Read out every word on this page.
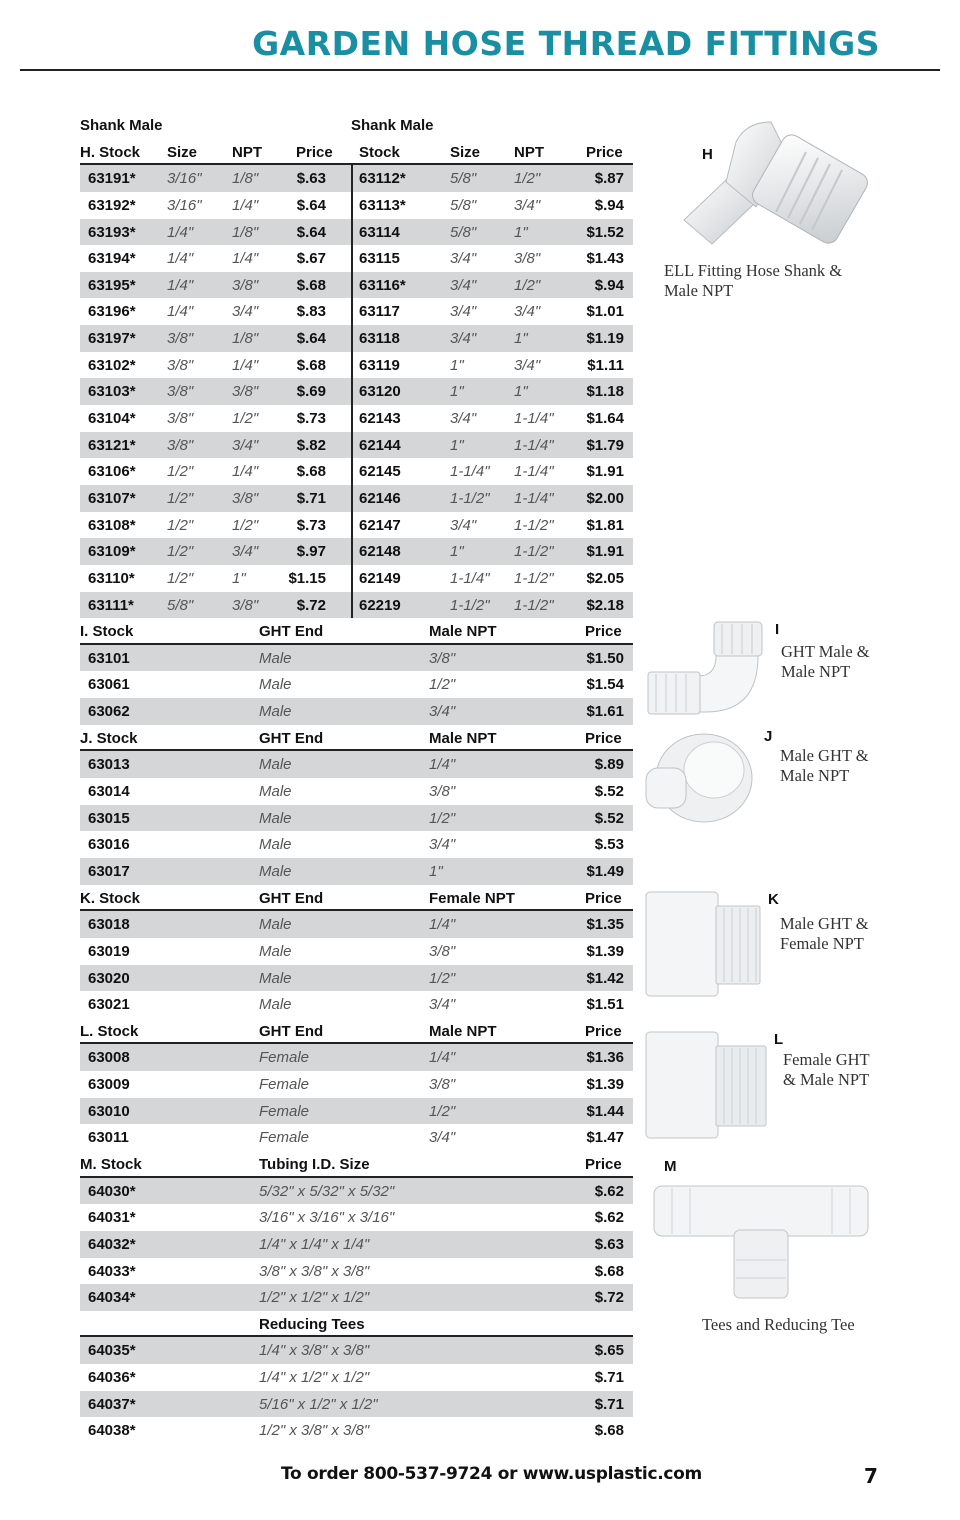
GARDEN HOSE THREAD FITTINGS
Shank Male	Shank Male
H. Stock Size NPT Price Stock	Size NPT	Price
63191* 3/16" 1/8"	$.63 63112*	5/8"	1/2"	$.87
63192* 3/16" 1/4"	$.64 63113*	5/8"	3/4"	$.94
63193* 1/4"	1/8"	$.64 63114	5/8"	1"	$1.52
63194* 1/4"	1/4"	$.67 63115	3/4"	3/8"	$1.43
63195* 1/4"	3/8"	$.68 63116*	3/4"	1/2"	$.94
63196* 1/4"	3/4"	$.83 63117	3/4"	3/4"	$1.01
63197* 3/8"	1/8"	$.64 63118	3/4"	1"	$1.19
63102* 3/8"	1/4"	$.68 63119	1"	3/4"	$1.11
63103* 3/8"	3/8"	$.69 63120	1"	1"	$1.18
63104* 3/8"	1/2"	$.73 62143	3/4"	1-1/4" $1.64
63121* 3/8"	3/4"	$.82 62144	1"	1-1/4" $1.79
63106* 1/2"	1/4"	$.68 62145	1-1/4" 1-1/4" $1.91
63107* 1/2"	3/8"	$.71 62146	1-1/2" 1-1/4" $2.00
63108* 1/2"	1/2"	$.73 62147	3/4"	1-1/2" $1.81
63109* 1/2"	3/4"	$.97 62148	1"	1-1/2" $1.91
63110* 1/2"	1"	$1.15 62149	1-1/4" 1-1/2" $2.05
63111* 5/8"	3/8"	$.72 62219	1-1/2" 1-1/2" $2.18
I. Stock	GHT End	Male NPT	Price
63101	Male	3/8"	$1.50
63061	Male	1/2"	$1.54
63062	Male	3/4"	$1.61
J. Stock	GHT End	Male NPT	Price
63013	Male	1/4"	$.89
63014	Male	3/8"	$.52
63015	Male	1/2"	$.52
63016	Male	3/4"	$.53
63017	Male	1"	$1.49
K. Stock	GHT End	Female NPT	Price
63018	Male	1/4"	$1.35
63019	Male	3/8"	$1.39
63020	Male	1/2"	$1.42
63021	Male	3/4"	$1.51
L. Stock	GHT End	Male NPT	Price
63008	Female	1/4"	$1.36
63009	Female	3/8"	$1.39
63010	Female	1/2"	$1.44
63011	Female	3/4"	$1.47
M. Stock	Tubing I.D. Size	Price
64030*	5/32" x 5/32" x 5/32"	$.62
64031*	3/16" x 3/16" x 3/16"	$.62
64032*	1/4" x 1/4" x 1/4"	$.63
64033*	3/8" x 3/8" x 3/8"	$.68
64034*	1/2" x 1/2" x 1/2"	$.72
Reducing Tees
64035*	1/4" x 3/8" x 3/8"	$.65
64036*	1/4" x 1/2" x 1/2"	$.71
64037*	5/16" x 1/2" x 1/2"	$.71
64038*	1/2" x 3/8" x 3/8"	$.68
H
ELL Fitting Hose Shank &
Male NPT
I
GHT Male &
Male NPT
J
Male GHT &
Male NPT
K
Male GHT &
Female NPT
L
Female GHT
& Male NPT
M
Tees and Reducing Tee
To order 800-537-9724 or www.usplastic.com	7
